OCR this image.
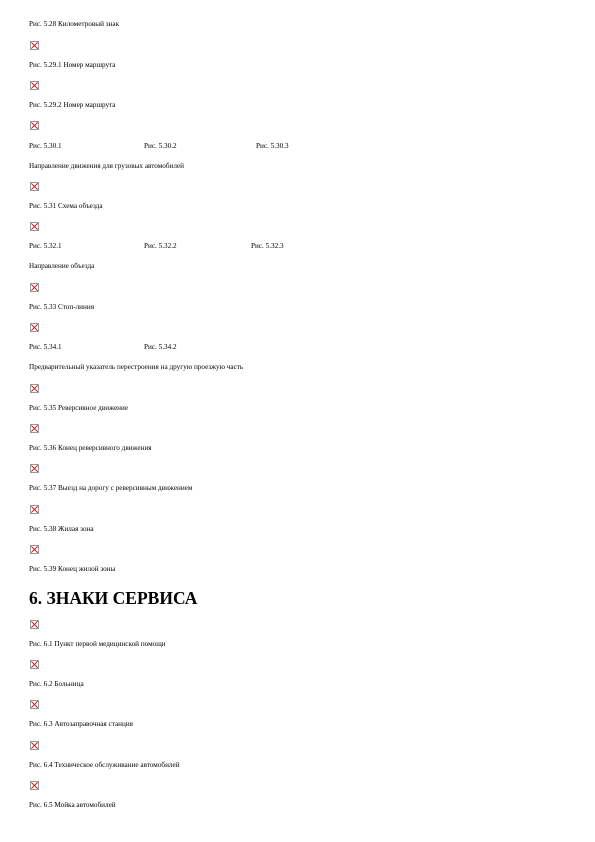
Рис. 5.28 Километровый знак
Рис. 5.29.1 Номер маршрута
Рис. 5.29.2 Номер маршрута
Рис. 5.30.1	Рис. 5.30.2	Рис. 5.30.3
Направление движения для грузовых автомобилей
Рис. 5.31 Схема объезда
Рис. 5.32.1	Рис. 5.32.2	Рис. 5.32.3
Направление объезда
Рис. 5.33 Стоп-линия
Рис. 5.34.1	Рис. 5.34.2
Предварительный указатель перестроения на другую проезжую часть
Рис. 5.35 Реверсивное движение
Рис. 5.36 Конец реверсивного движения
Рис. 5.37 Выезд на дорогу с реверсивным движением
Рис. 5.38 Жилая зона
Рис. 5.39 Конец жилой зоны
6. ЗНАКИ СЕРВИСА
Рис. 6.1 Пункт первой медицинской помощи
Рис. 6.2 Больница
Рис. 6.3 Автозаправочная станция
Рис. 6.4 Техническое обслуживание автомобилей
Рис. 6.5 Мойка автомобилей
